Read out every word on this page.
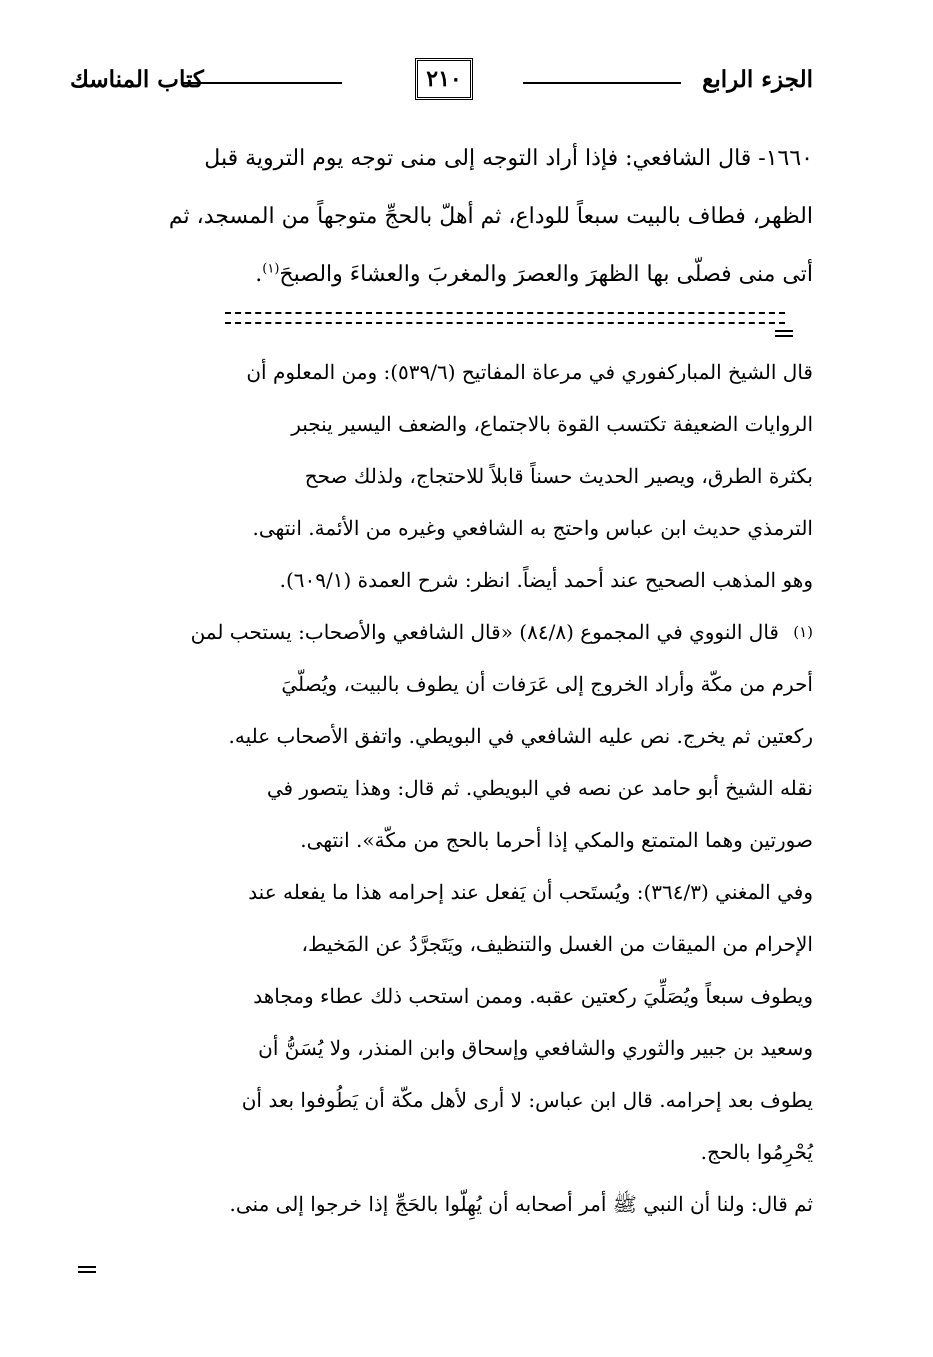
الجزء الرابع
٢١٠
كتاب المناسك

١٦٦٠- قال الشافعي: فإذا أراد التوجه إلى منى توجه يوم التروية قبل

الظهر، فطاف بالبيت سبعاً للوداع، ثم أهلّ بالحجِّ متوجهاً من المسجد، ثم

أتى منى فصلّى بها الظهرَ والعصرَ والمغربَ والعشاءَ والصبحَ$^{(١)}$.

قال الشيخ المباركفوري في مرعاة المفاتيح (٥٣٩/٦): ومن المعلوم أن

الروايات الضعيفة تكتسب القوة بالاجتماع، والضعف اليسير ينجبر

بكثرة الطرق، ويصير الحديث حسناً قابلاً للاحتجاج، ولذلك صحح

الترمذي حديث ابن عباس واحتج به الشافعي وغيره من الأئمة. انتهى.

وهو المذهب الصحيح عند أحمد أيضاً. انظر: شرح العمدة (٦٠٩/١).

(١)
قال النووي في المجموع (٨٤/٨) «قال الشافعي والأصحاب: يستحب لمن

أحرم من مكّة وأراد الخروج إلى عَرَفات أن يطوف بالبيت، ويُصلّيَ

ركعتين ثم يخرج. نص عليه الشافعي في البويطي. واتفق الأصحاب عليه.

نقله الشيخ أبو حامد عن نصه في البويطي. ثم قال: وهذا يتصور في

صورتين وهما المتمتع والمكي إذا أحرما بالحج من مكّة». انتهى.

وفي المغني (٣٦٤/٣): ويُستَحب أن يَفعل عند إحرامه هذا ما يفعله عند

الإحرام من الميقات من الغسل والتنظيف، ويَتَجرَّدُ عن المَخيط،

ويطوف سبعاً ويُصَلِّيَ ركعتين عقبه. وممن استحب ذلك عطاء ومجاهد

وسعيد بن جبير والثوري والشافعي وإسحاق وابن المنذر، ولا يُسَنُّ أن

يطوف بعد إحرامه. قال ابن عباس: لا أرى لأهل مكّة أن يَطُوفوا بعد أن

يُحْرِمُوا بالحج.

ثم قال: ولنا أن النبي ﷺ أمر أصحابه أن يُهِلّوا بالحَجِّ إذا خرجوا إلى منى.
